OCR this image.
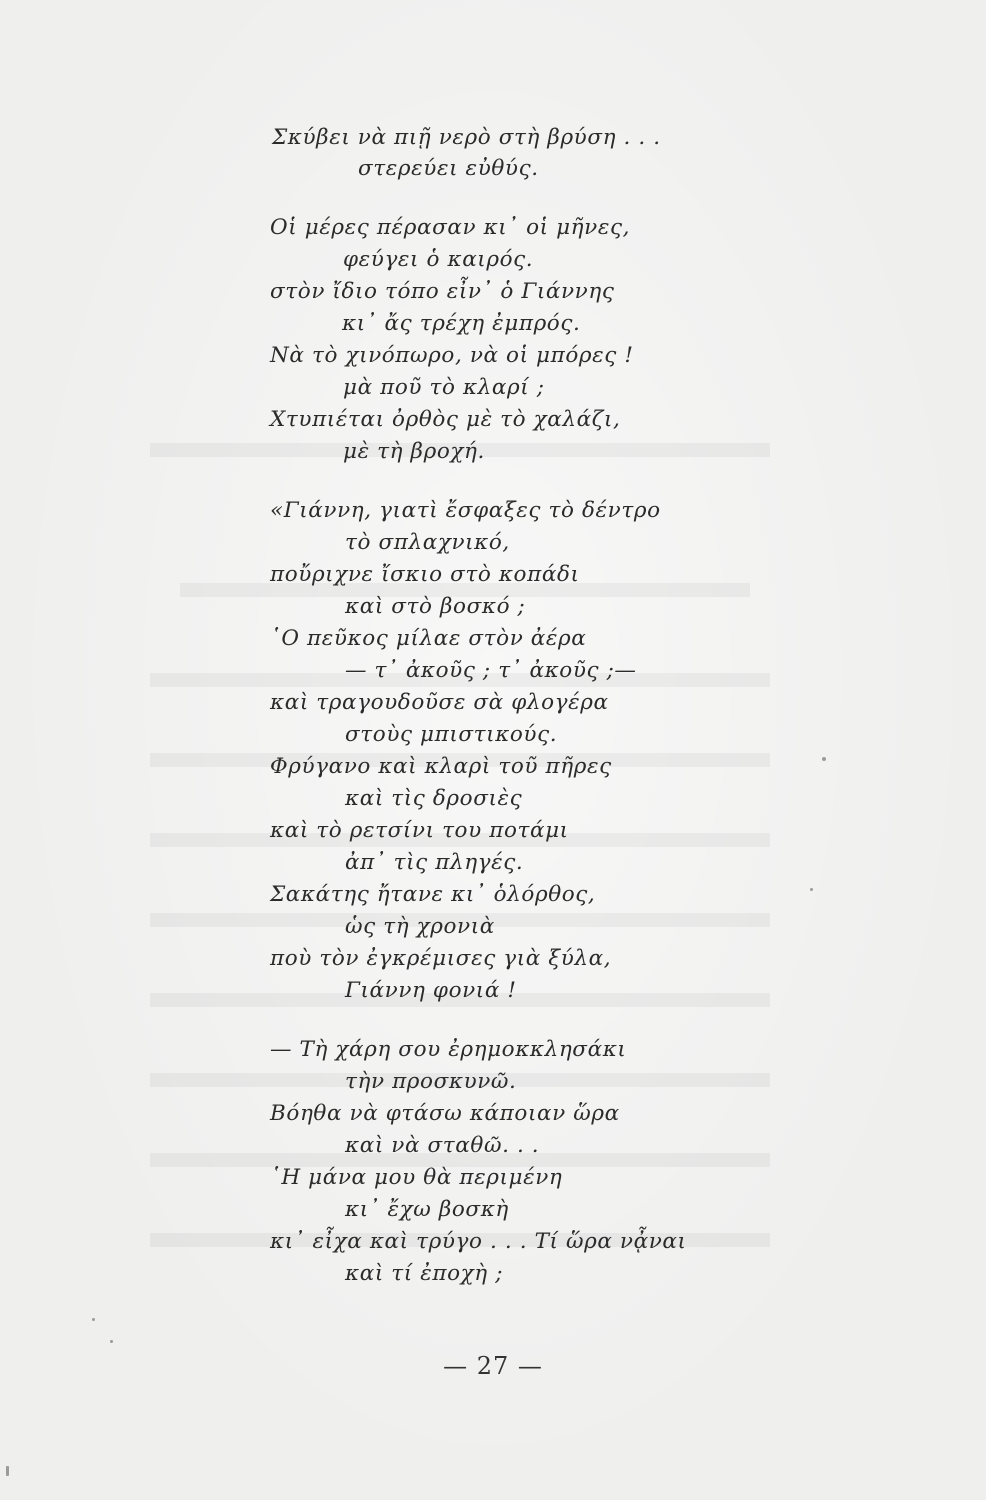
Σκύβει νὰ πιῇ νερὸ στὴ βρύση . . .
στερεύει εὐθύς.
Οἱ μέρες πέρασαν κι᾿ οἱ μῆνες,
φεύγει ὁ καιρός.
στὸν ἴδιο τόπο εἶν᾿ ὁ Γιάννης
κι᾿ ἄς τρέχη ἐμπρός.
Νὰ τὸ χινόπωρο, νὰ οἱ μπόρες !
μὰ ποῦ τὸ κλαρί ;
Χτυπιέται ὀρθὸς μὲ τὸ χαλάζι,
μὲ τὴ βροχή.
«Γιάννη, γιατὶ ἔσφαξες τὸ δέντρο
τὸ σπλαχνικό,
ποὔριχνε ἴσκιο στὸ κοπάδι
καὶ στὸ βοσκό ;
῾Ο πεῦκος μίλαε στὸν ἀέρα
— τ᾿ ἀκοῦς ; τ᾿ ἀκοῦς ;—
καὶ τραγουδοῦσε σὰ φλογέρα
στοὺς μπιστικούς.
Φρύγανο καὶ κλαρὶ τοῦ πῆρες
καὶ τὶς δροσιὲς
καὶ τὸ ρετσίνι του ποτάμι
ἀπ᾿ τὶς πληγές.
Σακάτης ἤτανε κι᾿ ὁλόρθος,
ὡς τὴ χρονιὰ
ποὺ τὸν ἐγκρέμισες γιὰ ξύλα,
Γιάννη φονιά !
— Τὴ χάρη σου ἐρημοκκλησάκι
τὴν προσκυνῶ.
Βόηθα νὰ φτάσω κάποιαν ὥρα
καὶ νὰ σταθῶ. . .
῾Η μάνα μου θὰ περιμένη
κι᾿ ἔχω βοσκὴ
κι᾿ εἶχα καὶ τρύγο . . . Τί ὥρα νᾆναι
καὶ τί ἐποχὴ ;
— 27 —
